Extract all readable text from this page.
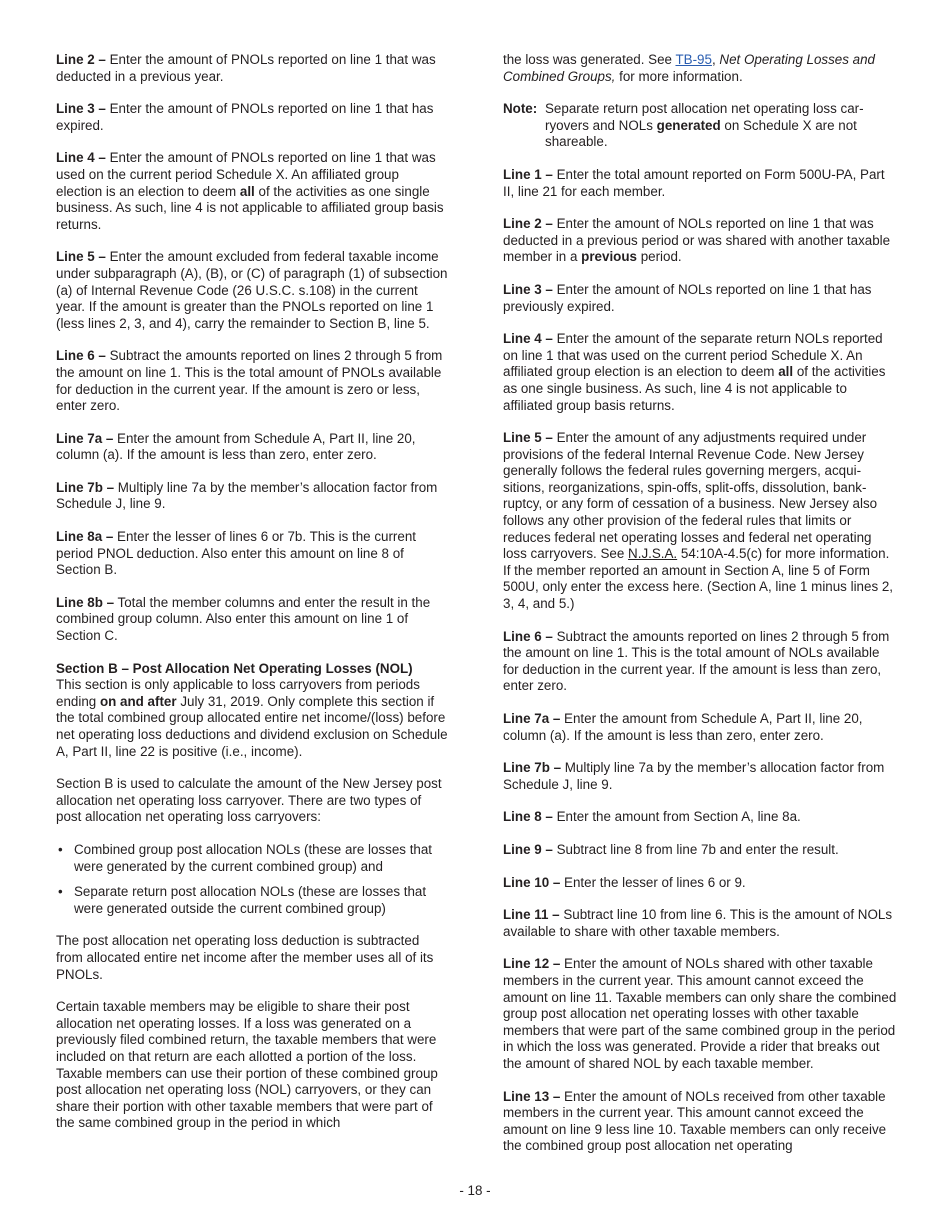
Line 2 – Enter the amount of PNOLs reported on line 1 that was deducted in a previous year.

Line 3 – Enter the amount of PNOLs reported on line 1 that has expired.

Line 4 – Enter the amount of PNOLs reported on line 1 that was used on the current period Schedule X. An affiliated group election is an election to deem all of the activities as one single business. As such, line 4 is not applicable to affiliated group basis returns.

Line 5 – Enter the amount excluded from federal taxable income under subparagraph (A), (B), or (C) of paragraph (1) of subsection (a) of Internal Revenue Code (26 U.S.C. s.108) in the current year. If the amount is greater than the PNOLs reported on line 1 (less lines 2, 3, and 4), carry the remainder to Section B, line 5.

Line 6 – Subtract the amounts reported on lines 2 through 5 from the amount on line 1. This is the total amount of PNOLs available for deduction in the current year. If the amount is zero or less, enter zero.

Line 7a – Enter the amount from Schedule A, Part II, line 20, column (a). If the amount is less than zero, enter zero.

Line 7b – Multiply line 7a by the member’s allocation factor from Schedule J, line 9.

Line 8a – Enter the lesser of lines 6 or 7b. This is the current period PNOL deduction. Also enter this amount on line 8 of Section B.

Line 8b – Total the member columns and enter the result in the combined group column. Also enter this amount on line 1 of Section C.

Section B – Post Allocation Net Operating Losses (NOL)
This section is only applicable to loss carryovers from periods ending on and after July 31, 2019. Only complete this section if the total combined group allocated entire net income/(loss) before net operating loss deductions and dividend exclusion on Schedule A, Part II, line 22 is positive (i.e., income).

Section B is used to calculate the amount of the New Jersey post allocation net operating loss carryover. There are two types of post allocation net operating loss carryovers:

• Combined group post allocation NOLs (these are losses that were generated by the current combined group) and
• Separate return post allocation NOLs (these are losses that were generated outside the current combined group)

The post allocation net operating loss deduction is subtracted from allocated entire net income after the member uses all of its PNOLs.

Certain taxable members may be eligible to share their post allocation net operating losses. If a loss was generated on a previously filed combined return, the taxable members that were included on that return are each allotted a portion of the loss. Taxable members can use their portion of these combined group post allocation net operating loss (NOL) carryovers, or they can share their portion with other taxable members that were part of the same combined group in the period in which

the loss was generated. See TB-95, Net Operating Losses and Combined Groups, for more information.

Note: Separate return post allocation net operating loss carryovers and NOLs generated on Schedule X are not shareable.

Line 1 – Enter the total amount reported on Form 500U-PA, Part II, line 21 for each member.

Line 2 – Enter the amount of NOLs reported on line 1 that was deducted in a previous period or was shared with another taxable member in a previous period.

Line 3 – Enter the amount of NOLs reported on line 1 that has previously expired.

Line 4 – Enter the amount of the separate return NOLs reported on line 1 that was used on the current period Schedule X. An affiliated group election is an election to deem all of the activities as one single business. As such, line 4 is not applicable to affiliated group basis returns.

Line 5 – Enter the amount of any adjustments required under provisions of the federal Internal Revenue Code. New Jersey generally follows the federal rules governing mergers, acquisitions, reorganizations, spin-offs, split-offs, dissolution, bankruptcy, or any form of cessation of a business. New Jersey also follows any other provision of the federal rules that limits or reduces federal net operating losses and federal net operating loss carryovers. See N.J.S.A. 54:10A-4.5(c) for more information. If the member reported an amount in Section A, line 5 of Form 500U, only enter the excess here. (Section A, line 1 minus lines 2, 3, 4, and 5.)

Line 6 – Subtract the amounts reported on lines 2 through 5 from the amount on line 1. This is the total amount of NOLs available for deduction in the current year. If the amount is less than zero, enter zero.

Line 7a – Enter the amount from Schedule A, Part II, line 20, column (a). If the amount is less than zero, enter zero.

Line 7b – Multiply line 7a by the member’s allocation factor from Schedule J, line 9.

Line 8 – Enter the amount from Section A, line 8a.

Line 9 – Subtract line 8 from line 7b and enter the result.

Line 10 – Enter the lesser of lines 6 or 9.

Line 11 – Subtract line 10 from line 6. This is the amount of NOLs available to share with other taxable members.

Line 12 – Enter the amount of NOLs shared with other taxable members in the current year. This amount cannot exceed the amount on line 11. Taxable members can only share the combined group post allocation net operating losses with other taxable members that were part of the same combined group in the period in which the loss was generated. Provide a rider that breaks out the amount of shared NOL by each taxable member.

Line 13 – Enter the amount of NOLs received from other taxable members in the current year. This amount cannot exceed the amount on line 9 less line 10. Taxable members can only receive the combined group post allocation net operating

- 18 -
